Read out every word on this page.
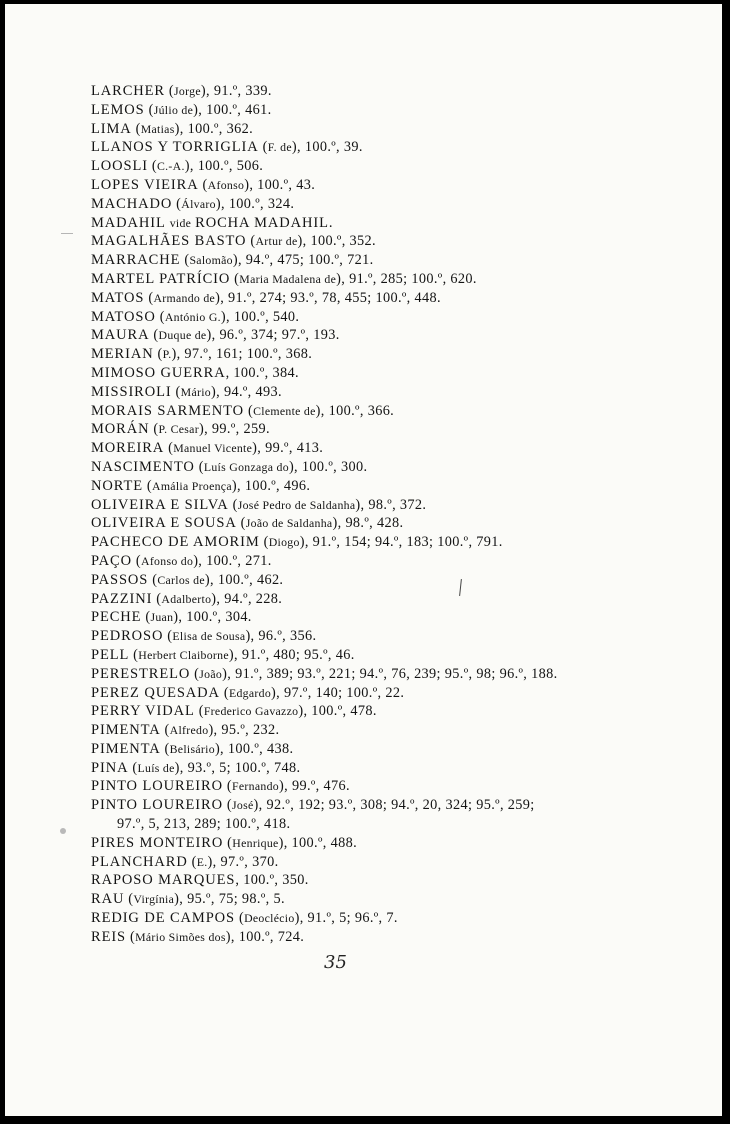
LARCHER (Jorge), 91.º, 339.
LEMOS (Júlio de), 100.º, 461.
LIMA (Matias), 100.º, 362.
LLANOS Y TORRIGLIA (F. de), 100.º, 39.
LOOSLI (C.-A.), 100.º, 506.
LOPES VIEIRA (Afonso), 100.º, 43.
MACHADO (Álvaro), 100.º, 324.
MADAHIL vide ROCHA MADAHIL.
MAGALHÃES BASTO (Artur de), 100.º, 352.
MARRACHE (Salomão), 94.º, 475; 100.º, 721.
MARTEL PATRÍCIO (Maria Madalena de), 91.º, 285; 100.º, 620.
MATOS (Armando de), 91.º, 274; 93.º, 78, 455; 100.º, 448.
MATOSO (António G.), 100.º, 540.
MAURA (Duque de), 96.º, 374; 97.º, 193.
MERIAN (P.), 97.º, 161; 100.º, 368.
MIMOSO GUERRA, 100.º, 384.
MISSIROLI (Mário), 94.º, 493.
MORAIS SARMENTO (Clemente de), 100.º, 366.
MORÁN (P. Cesar), 99.º, 259.
MOREIRA (Manuel Vicente), 99.º, 413.
NASCIMENTO (Luís Gonzaga do), 100.º, 300.
NORTE (Amália Proença), 100.º, 496.
OLIVEIRA E SILVA (José Pedro de Saldanha), 98.º, 372.
OLIVEIRA E SOUSA (João de Saldanha), 98.º, 428.
PACHECO DE AMORIM (Diogo), 91.º, 154; 94.º, 183; 100.º, 791.
PAÇO (Afonso do), 100.º, 271.
PASSOS (Carlos de), 100.º, 462.
PAZZINI (Adalberto), 94.º, 228.
PECHE (Juan), 100.º, 304.
PEDROSO (Elisa de Sousa), 96.º, 356.
PELL (Herbert Claiborne), 91.º, 480; 95.º, 46.
PERESTRELO (João), 91.º, 389; 93.º, 221; 94.º, 76, 239; 95.º, 98; 96.º, 188.
PEREZ QUESADA (Edgardo), 97.º, 140; 100.º, 22.
PERRY VIDAL (Frederico Gavazzo), 100.º, 478.
PIMENTA (Alfredo), 95.º, 232.
PIMENTA (Belisário), 100.º, 438.
PINA (Luís de), 93.º, 5; 100.º, 748.
PINTO LOUREIRO (Fernando), 99.º, 476.
PINTO LOUREIRO (José), 92.º, 192; 93.º, 308; 94.º, 20, 324; 95.º, 259;
97.º, 5, 213, 289; 100.º, 418.
PIRES MONTEIRO (Henrique), 100.º, 488.
PLANCHARD (E.), 97.º, 370.
RAPOSO MARQUES, 100.º, 350.
RAU (Virgínia), 95.º, 75; 98.º, 5.
REDIG DE CAMPOS (Deoclécio), 91.º, 5; 96.º, 7.
REIS (Mário Simões dos), 100.º, 724.
35
